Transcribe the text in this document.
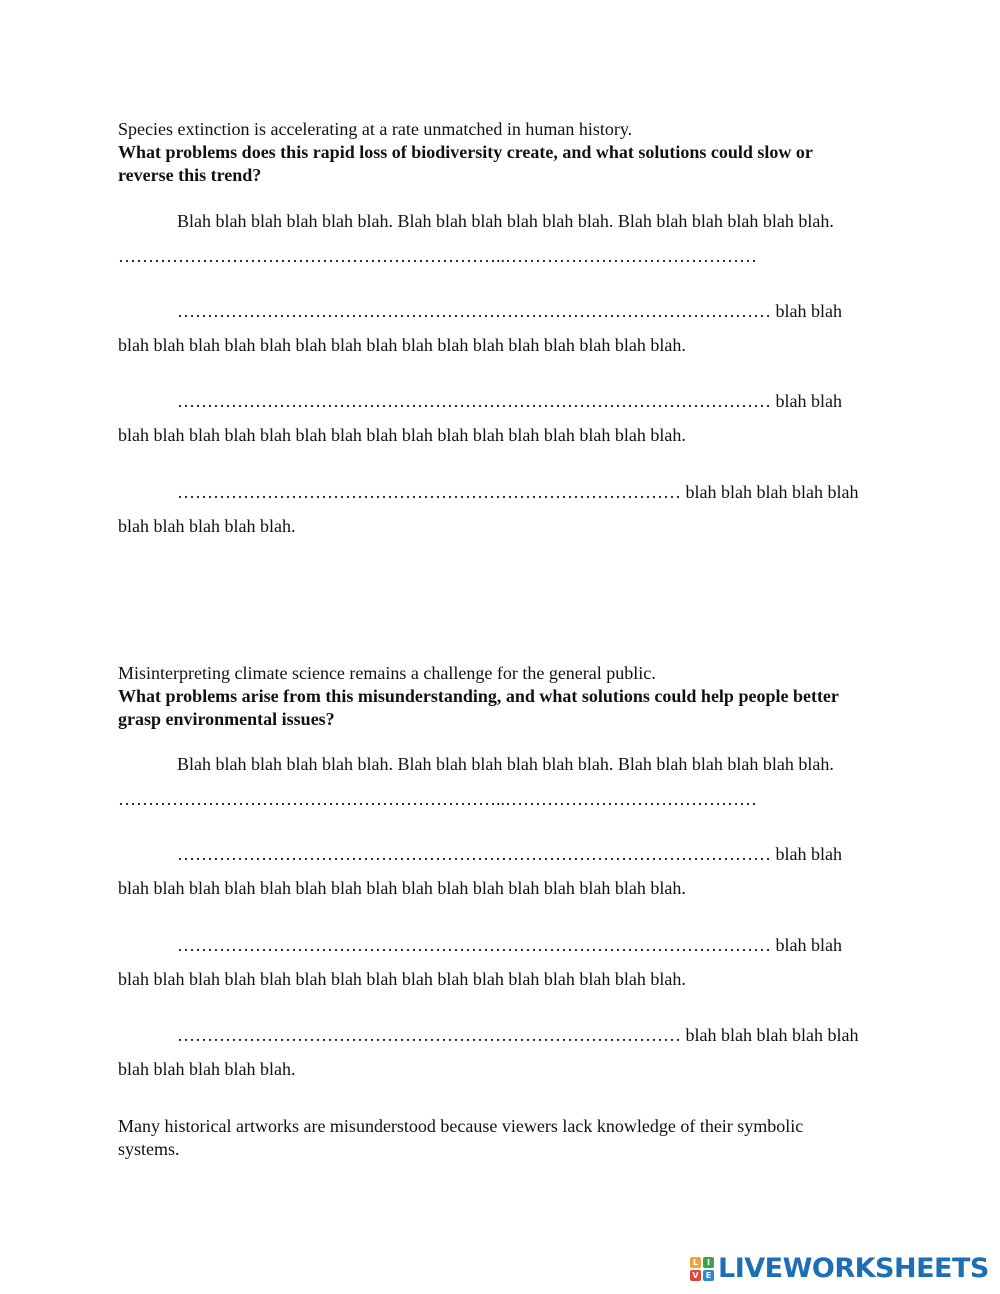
Species extinction is accelerating at a rate unmatched in human history.
What problems does this rapid loss of biodiversity create, and what solutions could slow or
reverse this trend?
Blah blah blah blah blah blah. Blah blah blah blah blah blah. Blah blah blah blah blah blah.
………………………………………………………..……………………………………
……………………………………………………………………………………… blah blah
blah blah blah blah blah blah blah blah blah blah blah blah blah blah blah blah.
……………………………………………………………………………………… blah blah
blah blah blah blah blah blah blah blah blah blah blah blah blah blah blah blah.
………………………………………………………………………… blah blah blah blah blah
blah blah blah blah blah.
Misinterpreting climate science remains a challenge for the general public.
What problems arise from this misunderstanding, and what solutions could help people better
grasp environmental issues?
Blah blah blah blah blah blah. Blah blah blah blah blah blah. Blah blah blah blah blah blah.
………………………………………………………..……………………………………
……………………………………………………………………………………… blah blah
blah blah blah blah blah blah blah blah blah blah blah blah blah blah blah blah.
……………………………………………………………………………………… blah blah
blah blah blah blah blah blah blah blah blah blah blah blah blah blah blah blah.
………………………………………………………………………… blah blah blah blah blah
blah blah blah blah blah.
Many historical artworks are misunderstood because viewers lack knowledge of their symbolic
systems.
L	I
V E LIVEWORKSHEETS
